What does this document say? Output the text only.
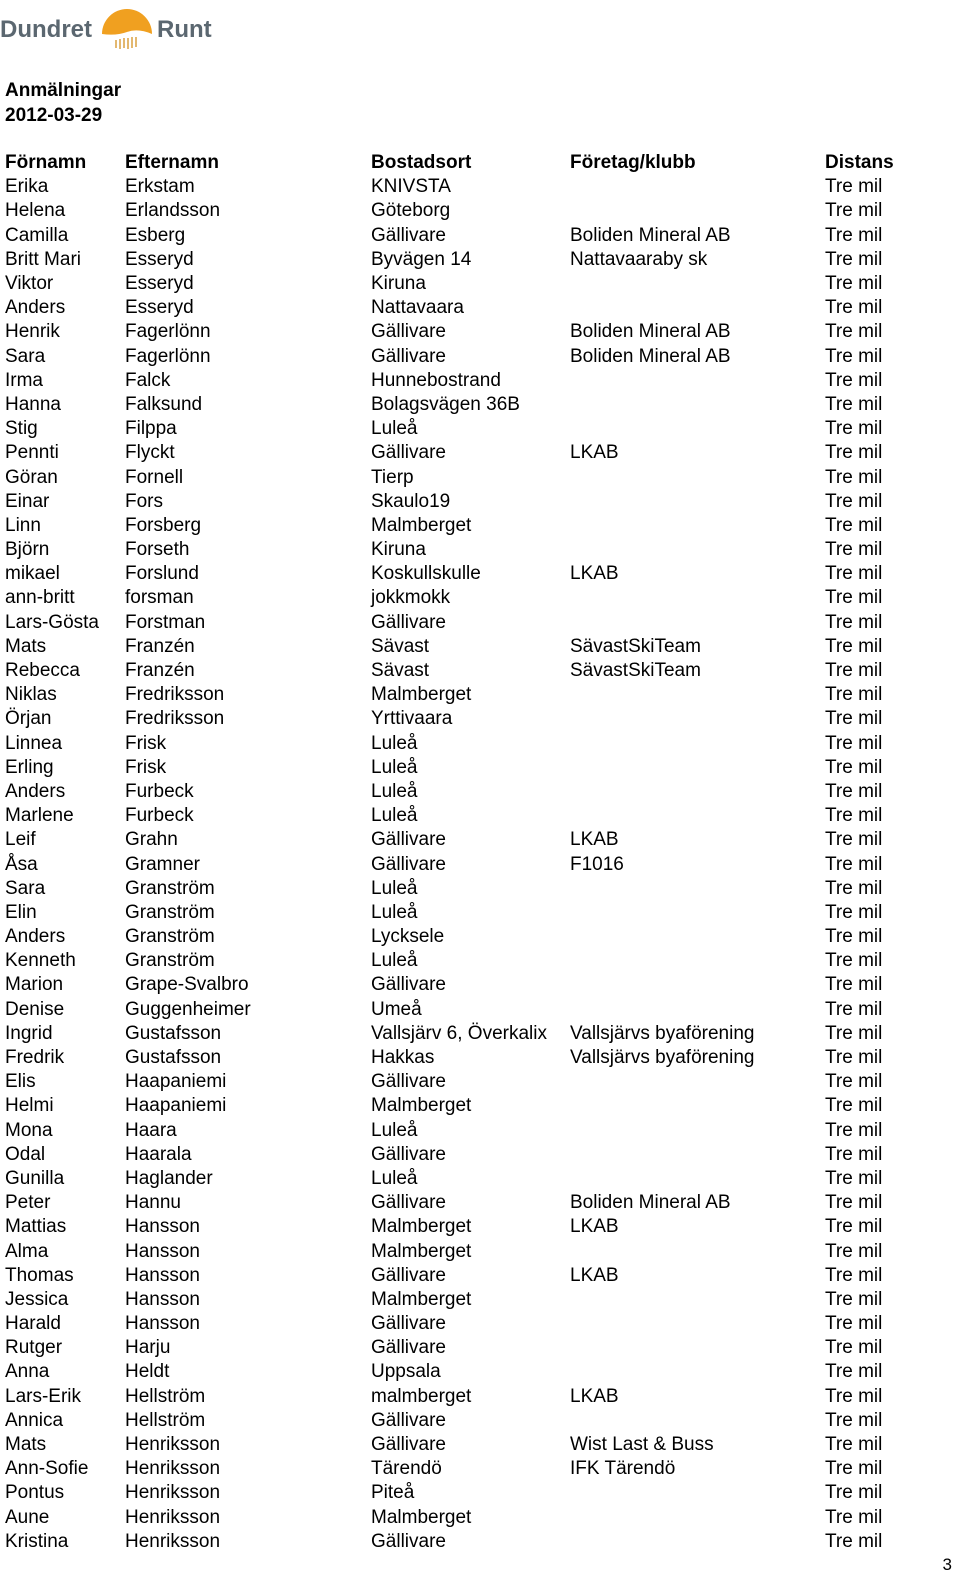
Dundret	Runt
Anmälningar
2012-03-29
Förnamn	Efternamn	Bostadsort	Företag/klubb	Distans
Erika	Erkstam	KNIVSTA		Tre mil
Helena	Erlandsson	Göteborg		Tre mil
Camilla	Esberg	Gällivare	Boliden Mineral AB	Tre mil
Britt Mari	Esseryd	Byvägen 14	Nattavaaraby sk	Tre mil
Viktor	Esseryd	Kiruna		Tre mil
Anders	Esseryd	Nattavaara		Tre mil
Henrik	Fagerlönn	Gällivare	Boliden Mineral AB	Tre mil
Sara	Fagerlönn	Gällivare	Boliden Mineral AB	Tre mil
Irma	Falck	Hunnebostrand		Tre mil
Hanna	Falksund	Bolagsvägen 36B		Tre mil
Stig	Filppa	Luleå		Tre mil
Pennti	Flyckt	Gällivare	LKAB	Tre mil
Göran	Fornell	Tierp		Tre mil
Einar	Fors	Skaulo19		Tre mil
Linn	Forsberg	Malmberget		Tre mil
Björn	Forseth	Kiruna		Tre mil
mikael	Forslund	Koskullskulle	LKAB	Tre mil
ann-britt	forsman	jokkmokk		Tre mil
Lars-Gösta	Forstman	Gällivare		Tre mil
Mats	Franzén	Sävast	SävastSkiTeam	Tre mil
Rebecca	Franzén	Sävast	SävastSkiTeam	Tre mil
Niklas	Fredriksson	Malmberget		Tre mil
Örjan	Fredriksson	Yrttivaara		Tre mil
Linnea	Frisk	Luleå		Tre mil
Erling	Frisk	Luleå		Tre mil
Anders	Furbeck	Luleå		Tre mil
Marlene	Furbeck	Luleå		Tre mil
Leif	Grahn	Gällivare	LKAB	Tre mil
Åsa	Gramner	Gällivare	F1016	Tre mil
Sara	Granström	Luleå		Tre mil
Elin	Granström	Luleå		Tre mil
Anders	Granström	Lycksele		Tre mil
Kenneth	Granström	Luleå		Tre mil
Marion	Grape-Svalbro	Gällivare		Tre mil
Denise	Guggenheimer	Umeå		Tre mil
Ingrid	Gustafsson	Vallsjärv 6, Överkalix	Vallsjärvs byaförening	Tre mil
Fredrik	Gustafsson	Hakkas	Vallsjärvs byaförening	Tre mil
Elis	Haapaniemi	Gällivare		Tre mil
Helmi	Haapaniemi	Malmberget		Tre mil
Mona	Haara	Luleå		Tre mil
Odal	Haarala	Gällivare		Tre mil
Gunilla	Haglander	Luleå		Tre mil
Peter	Hannu	Gällivare	Boliden Mineral AB	Tre mil
Mattias	Hansson	Malmberget	LKAB	Tre mil
Alma	Hansson	Malmberget		Tre mil
Thomas	Hansson	Gällivare	LKAB	Tre mil
Jessica	Hansson	Malmberget		Tre mil
Harald	Hansson	Gällivare		Tre mil
Rutger	Harju	Gällivare		Tre mil
Anna	Heldt	Uppsala		Tre mil
Lars-Erik	Hellström	malmberget	LKAB	Tre mil
Annica	Hellström	Gällivare		Tre mil
Mats	Henriksson	Gällivare	Wist Last & Buss	Tre mil
Ann-Sofie	Henriksson	Tärendö	IFK Tärendö	Tre mil
Pontus	Henriksson	Piteå		Tre mil
Aune	Henriksson	Malmberget		Tre mil
Kristina	Henriksson	Gällivare		Tre mil
3
